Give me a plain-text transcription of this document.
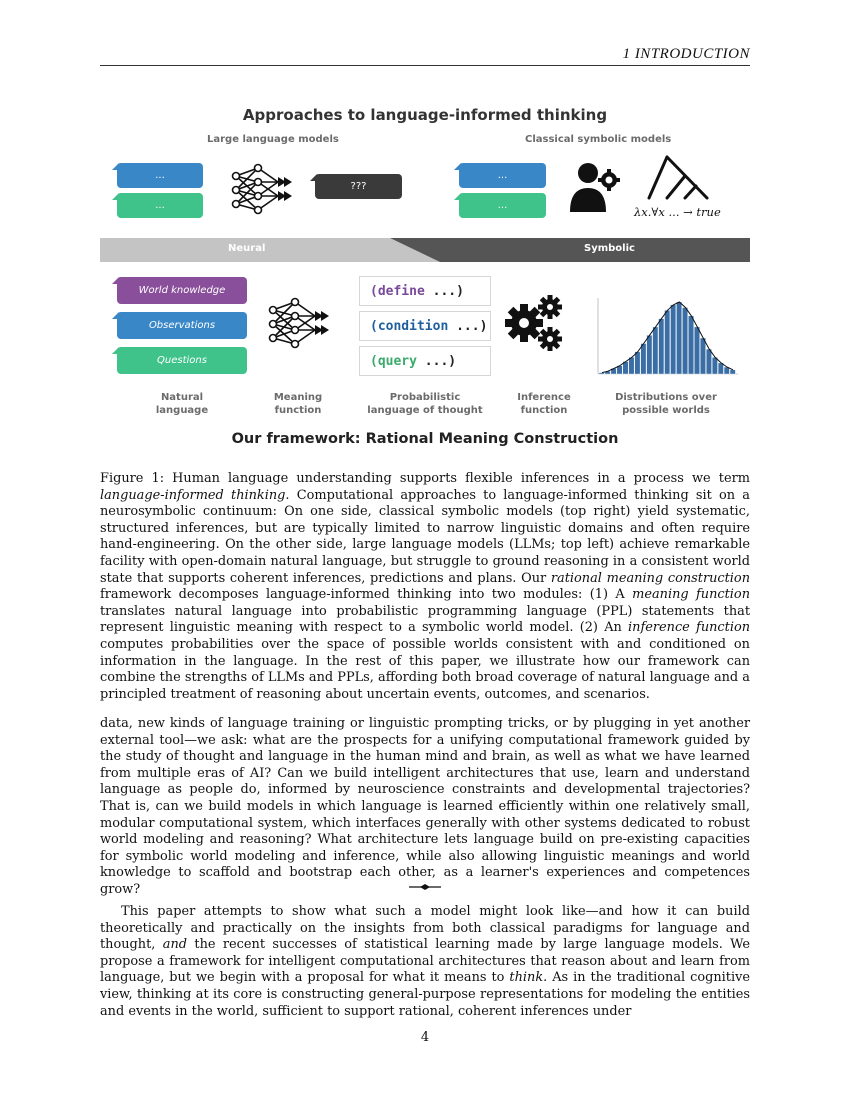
1 INTRODUCTION
Approaches to language-informed thinking
Large language models	Classical symbolic models
...
...
???
...
...	λx.∀x ... → true
Neural	Symbolic
World knowledge
Observations
Questions
(define ...)
(condition ...)
(query ...)
Natural
language
Meaning
function
Probabilistic
language of thought
Inference
function
Distributions over
possible worlds
Our framework: Rational Meaning Construction
Figure 1: Human language understanding supports flexible inferences in a process we term language-informed thinking. Computational approaches to language-informed thinking sit on a neurosymbolic continuum: On one side, classical symbolic models (top right) yield systematic, structured inferences, but are typically limited to narrow linguistic domains and often require hand-engineering. On the other side, large language models (LLMs; top left) achieve remarkable facility with open-domain natural language, but struggle to ground reasoning in a consistent world state that supports coherent inferences, predictions and plans. Our rational meaning construction framework decomposes language-informed thinking into two modules: (1) A meaning function translates natural language into probabilistic programming language (PPL) statements that represent linguistic meaning with respect to a symbolic world model. (2) An inference function computes probabilities over the space of possible worlds consistent with and conditioned on information in the language. In the rest of this paper, we illustrate how our framework can combine the strengths of LLMs and PPLs, affording both broad coverage of natural language and a principled treatment of reasoning about uncertain events, outcomes, and scenarios.
data, new kinds of language training or linguistic prompting tricks, or by plugging in yet another external tool—we ask: what are the prospects for a unifying computational framework guided by the study of thought and language in the human mind and brain, as well as what we have learned from multiple eras of AI? Can we build intelligent architectures that use, learn and understand language as people do, informed by neuroscience constraints and developmental trajectories? That is, can we build models in which language is learned efficiently within one relatively small, modular computational system, which interfaces generally with other systems dedicated to robust world modeling and reasoning? What architecture lets language build on pre-existing capacities for symbolic world modeling and inference, while also allowing linguistic meanings and world knowledge to scaffold and bootstrap each other, as a learner's experiences and competences grow?
This paper attempts to show what such a model might look like—and how it can build theoretically and practically on the insights from both classical paradigms for language and thought, and the recent successes of statistical learning made by large language models. We propose a framework for intelligent computational architectures that reason about and learn from language, but we begin with a proposal for what it means to think. As in the traditional cognitive view, thinking at its core is constructing general-purpose representations for modeling the entities and events in the world, sufficient to support rational, coherent inferences under
4
